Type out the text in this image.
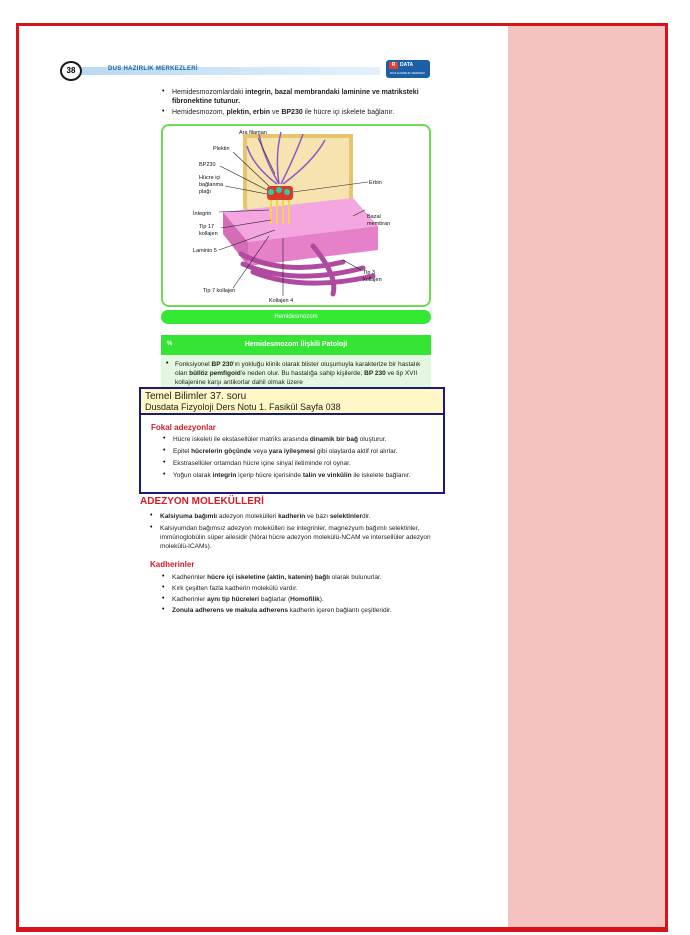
38	DUS HAZIRLIK MERKEZLERİ
R DATA
DUS HAZIRLIK MERKEZİ
• Hemidesmozomlardaki integrin, bazal membrandaki laminine ve matriksteki fibronektine tutunur.
• Hemidesmozom, plektin, erbin ve BP230 ile hücre içi iskelete bağlanır.
Ara filaman
Plektin
BP230
Hücre içi
bağlanma
plağı
Erbin
İntegrin	Bazal
membran
Tip 17
kollajen
Laminin 5
Tip 3
kollajen
Tip 7 kollajen
Kollajen 4
Hemidesmozom
%	Hemidesmozom İlişkili Patoloji
• Fonksiyonel BP 230'ın yokluğu klinik olarak blister oluşumuyla karakterize bir hastalık olan büllöz pemfigoid'e neden olur. Bu hastalığa sahip kişilerde, BP 230 ve tip XVII kollajenine karşı antikorlar dahil olmak üzere
Temel Bilimler 37. soru
Dusdata Fizyoloji Ders Notu 1. Fasikül Sayfa 038
Fokal adezyonlar
• Hücre iskeleti ile ekstasellüler matriks arasında dinamik bir bağ oluşturur.
• Epitel hücrelerin göçünde veya yara iyileşmesi gibi olaylarda aktif rol alırlar.
• Ekstrasellüler ortamdan hücre içine sinyal iletiminde rol oynar.
• Yoğun olarak integrin içerip hücre içerisinde talin ve vinkülin ile iskelete bağlanır.
ADEZYON MOLEKÜLLERİ
• Kalsiyuma bağımlı adezyon molekülleri kadherin ve bazı selektinlerdir.
• Kalsiyumdan bağımsız adezyon molekülleri ise integrinler, magnezyum bağımlı selektinler, immünoglobülin süper ailesidir (Nöral hücre adezyon molekülü-NCAM ve intersellüler adezyon molekülü-ICAMs).
Kadherinler
• Kadherinler hücre içi iskeletine (aktin, katenin) bağlı olarak bulunurlar.
• Kırk çeşitten fazla kadherin molekülü vardır.
• Kadherinler aynı tip hücreleri bağlarlar (Homofilik).
• Zonula adherens ve makula adherens kadherin içeren bağlantı çeşitleridir.
